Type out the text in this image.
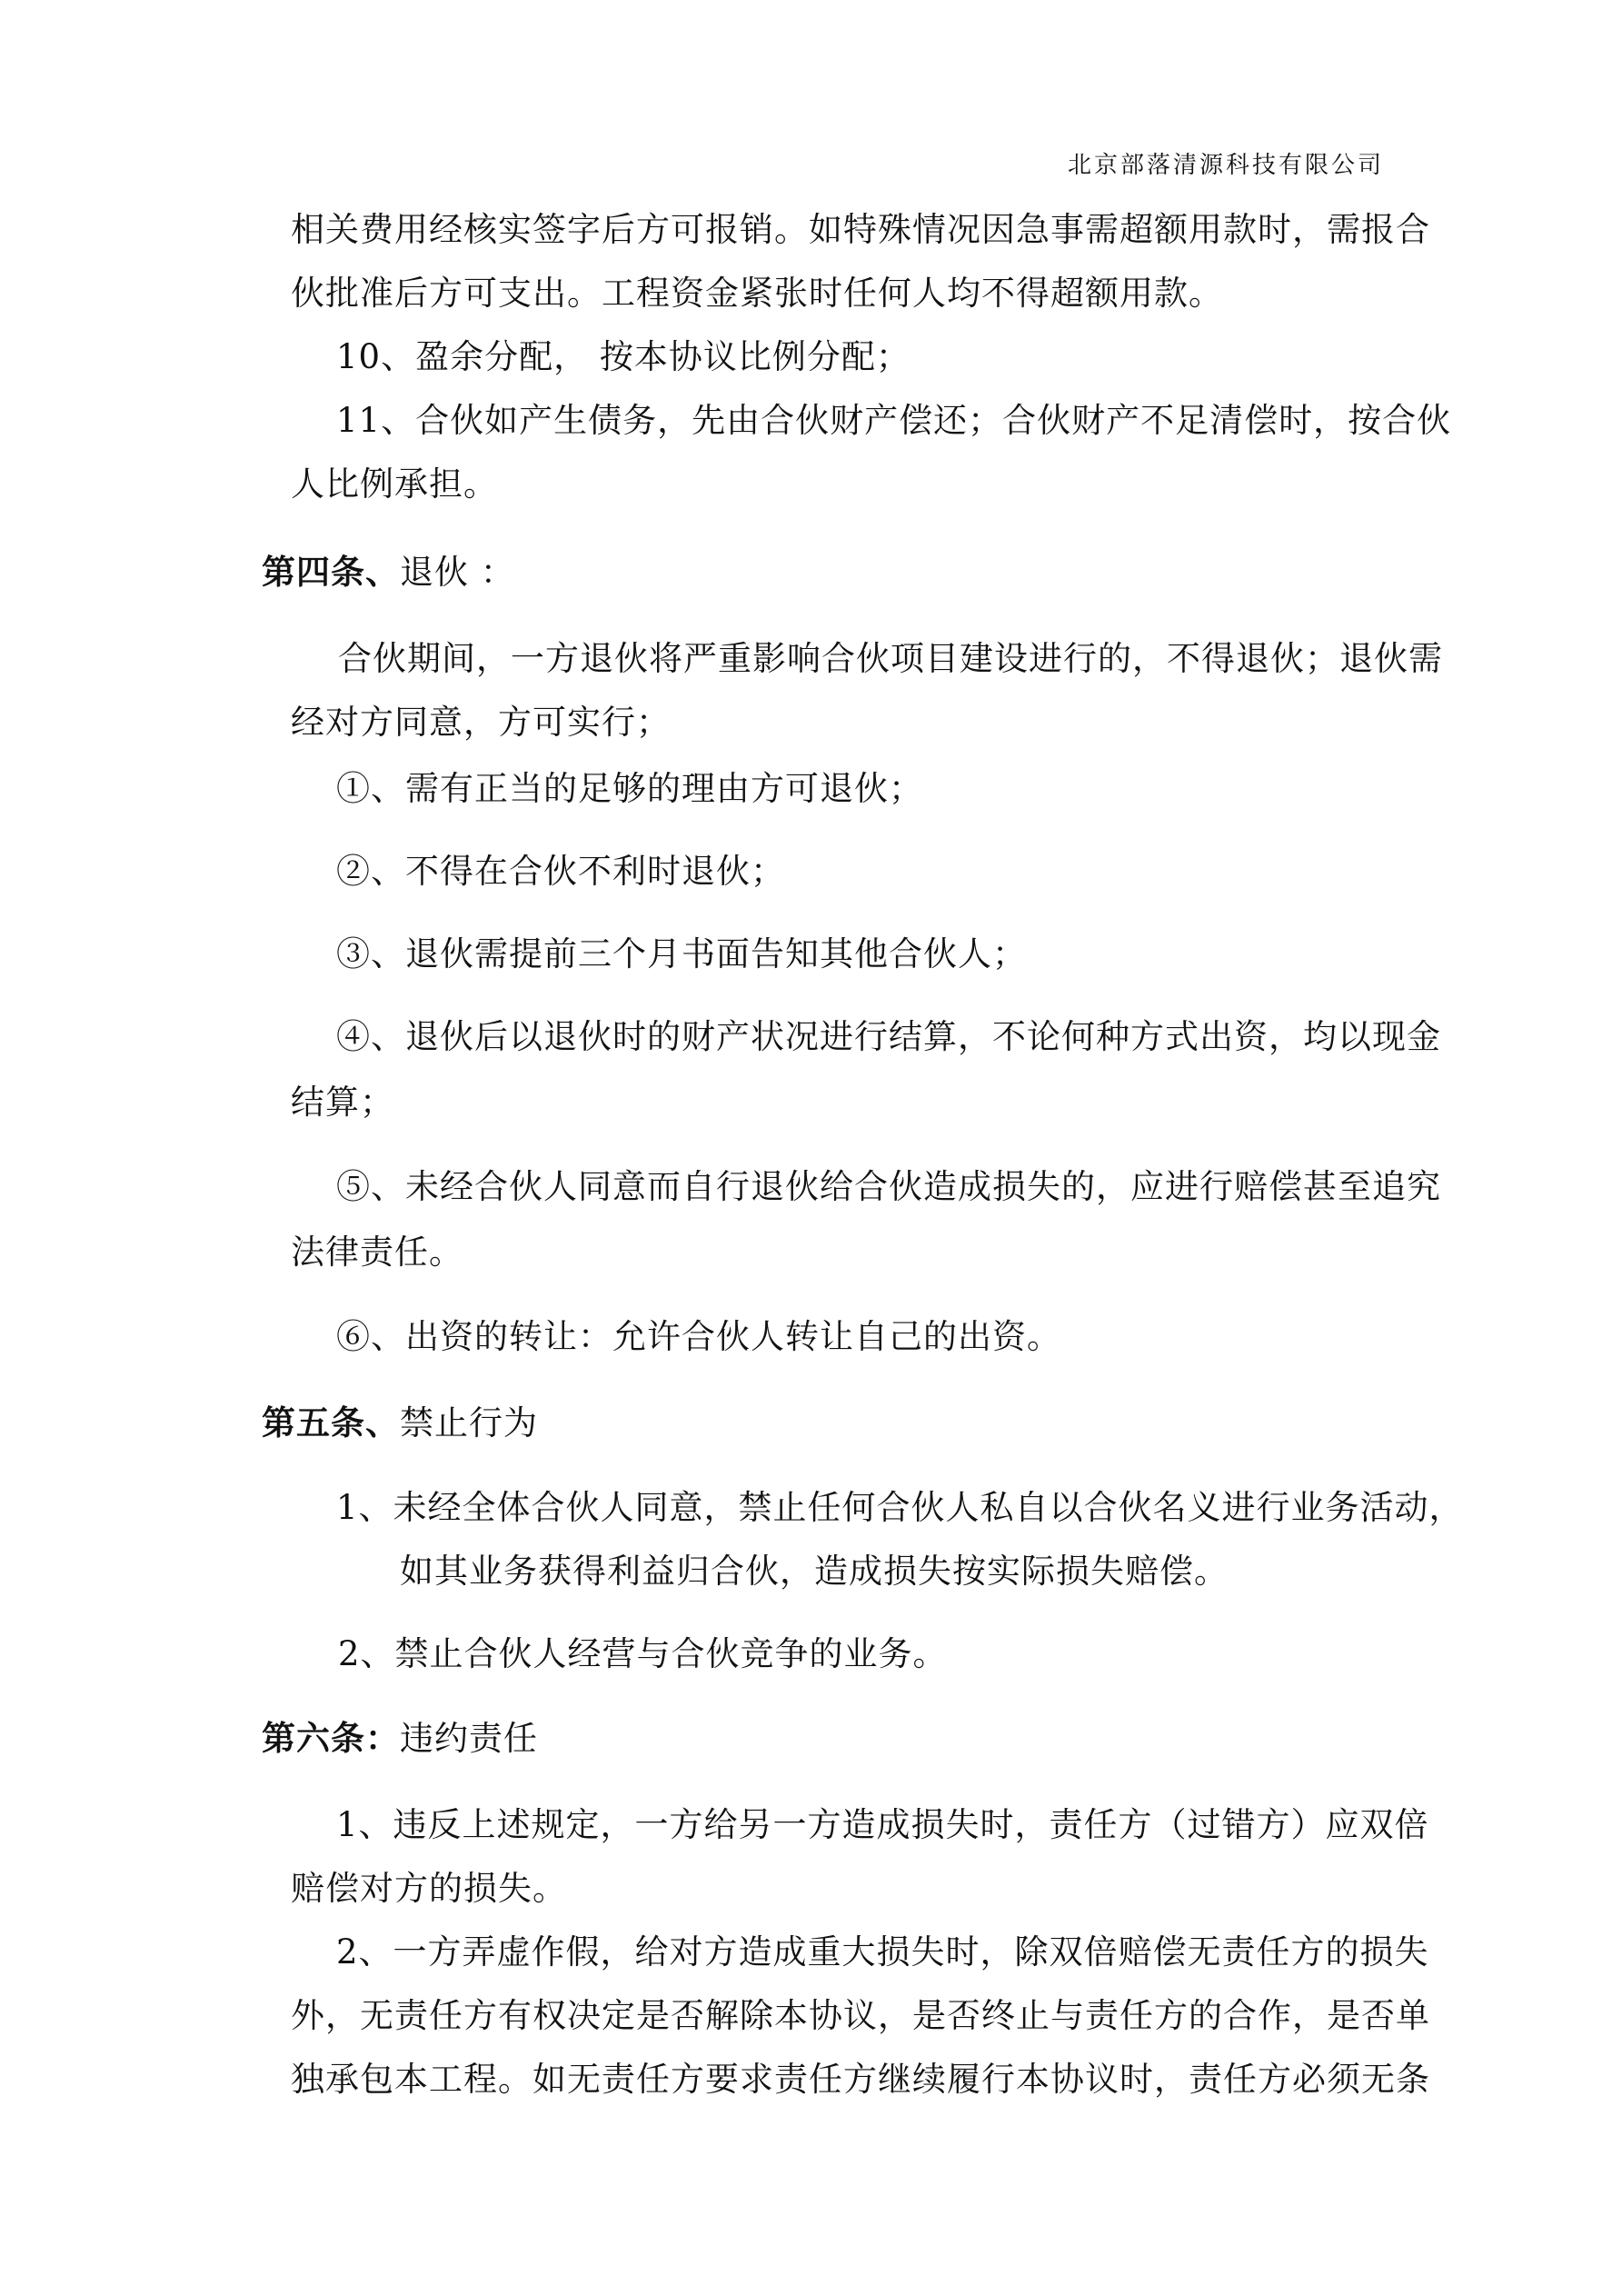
北京部落清源科技有限公司
相关费用经核实签字后方可报销。如特殊情况因急事需超额用款时，需报合
伙批准后方可支出。工程资金紧张时任何人均不得超额用款。
10、盈余分配， 按本协议比例分配；
11、合伙如产生债务，先由合伙财产偿还；合伙财产不足清偿时，按合伙
人比例承担。
第四条、退伙 ：
合伙期间，一方退伙将严重影响合伙项目建设进行的，不得退伙；退伙需
经对方同意，方可实行；
①、需有正当的足够的理由方可退伙；
②、不得在合伙不利时退伙；
③、退伙需提前三个月书面告知其他合伙人；
④、退伙后以退伙时的财产状况进行结算，不论何种方式出资，均以现金
结算；
⑤、未经合伙人同意而自行退伙给合伙造成损失的，应进行赔偿甚至追究
法律责任。
⑥、出资的转让：允许合伙人转让自己的出资。
第五条、禁止行为
1、未经全体合伙人同意，禁止任何合伙人私自以合伙名义进行业务活动，
如其业务获得利益归合伙，造成损失按实际损失赔偿。
2、禁止合伙人经营与合伙竞争的业务。
第六条：违约责任
1、违反上述规定，一方给另一方造成损失时，责任方（过错方）应双倍
赔偿对方的损失。
2、一方弄虚作假，给对方造成重大损失时，除双倍赔偿无责任方的损失
外，无责任方有权决定是否解除本协议，是否终止与责任方的合作，是否单
独承包本工程。如无责任方要求责任方继续履行本协议时，责任方必须无条
